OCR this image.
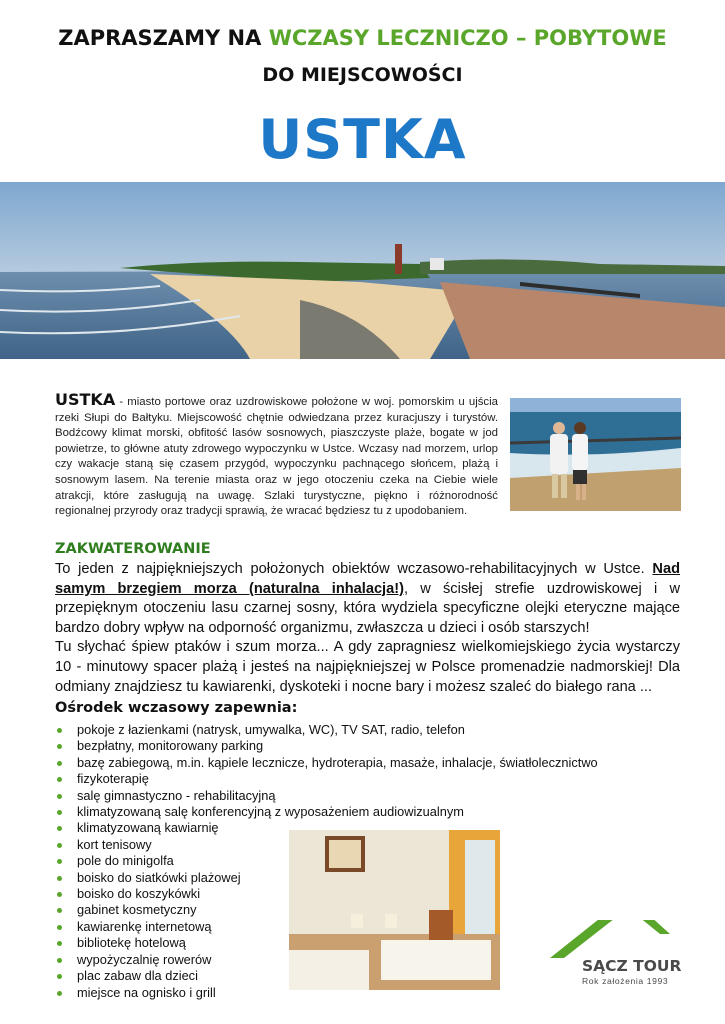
ZAPRASZAMY NA WCZASY LECZNICZO – POBYTOWE
DO MIEJSCOWOŚCI
USTKA
USTKA - miasto portowe oraz uzdrowiskowe położone w woj. pomorskim u ujścia rzeki Słupi do Bałtyku. Miejscowość chętnie odwiedzana przez kuracjuszy i turystów. Bodźcowy klimat morski, obfitość lasów sosnowych, piaszczyste plaże, bogate w jod powietrze, to główne atuty zdrowego wypoczynku w Ustce. Wczasy nad morzem, urlop czy wakacje staną się czasem przygód, wypoczynku pachnącego słońcem, plażą i sosnowym lasem. Na terenie miasta oraz w jego otoczeniu czeka na Ciebie wiele atrakcji, które zasługują na uwagę. Szlaki turystyczne, piękno i różnorodność regionalnej przyrody oraz tradycji sprawią, że wracać będziesz tu z upodobaniem.
ZAKWATEROWANIE
To jeden z najpiękniejszych położonych obiektów wczasowo-rehabilitacyjnych w Ustce. Nad samym brzegiem morza (naturalna inhalacja!), w ścisłej strefie uzdrowiskowej i w przepięknym otoczeniu lasu czarnej sosny, która wydziela specyficzne olejki eteryczne mające bardzo dobry wpływ na odporność organizmu, zwłaszcza u dzieci i osób starszych!
Tu słychać śpiew ptaków i szum morza... A gdy zapragniesz wielkomiejskiego życia wystarczy 10 - minutowy spacer plażą i jesteś na najpiękniejszej w Polsce promenadzie nadmorskiej! Dla odmiany znajdziesz tu kawiarenki, dyskoteki i nocne bary i możesz szaleć do białego rana ...
Ośrodek wczasowy zapewnia:
pokoje z łazienkami (natrysk, umywalka, WC), TV SAT, radio, telefon
bezpłatny, monitorowany parking
bazę zabiegową, m.in. kąpiele lecznicze, hydroterapia, masaże, inhalacje, światłolecznictwo
fizykoterapię
salę gimnastyczno - rehabilitacyjną
klimatyzowaną salę konferencyjną z wyposażeniem audiowizualnym
klimatyzowaną kawiarnię
kort tenisowy
pole do minigolfa
boisko do siatkówki plażowej
boisko do koszykówki
gabinet kosmetyczny
kawiarenkę internetową
bibliotekę hotelową
wypożyczalnię rowerów
plac zabaw dla dzieci
miejsce na ognisko i grill
SĄCZ TOUR
Rok założenia 1993
